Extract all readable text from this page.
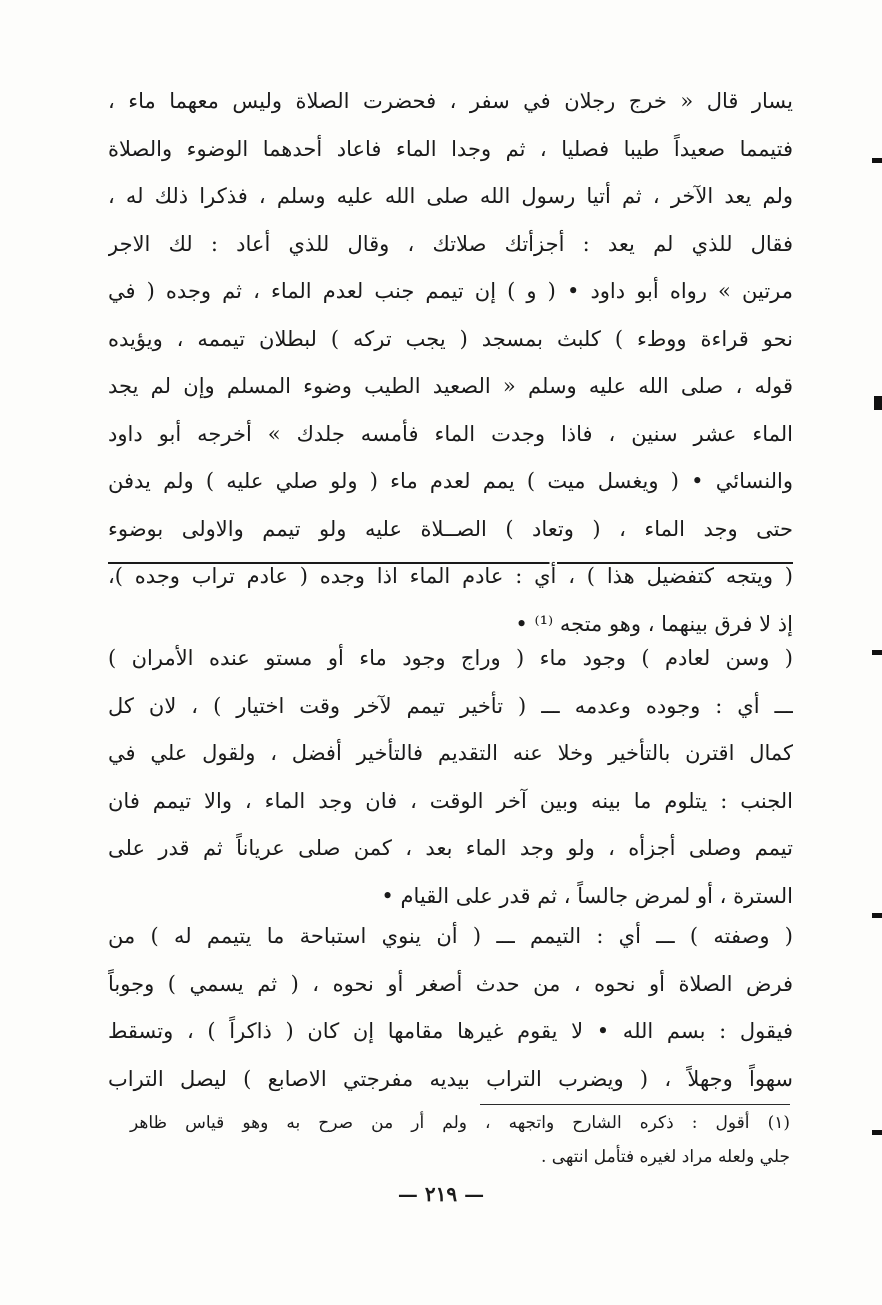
يسار قال « خرج رجلان في سفر ، فحضرت الصلاة وليس معهما ماء ،
فتيمما صعيداً طيبا فصليا ، ثم وجدا الماء فاعاد أحدهما الوضوء والصلاة
ولم يعد الآخر ، ثم أتيا رسول الله صلى الله عليه وسلم ، فذكرا ذلك له ،
فقال للذي لم يعد : أجزأتك صلاتك ، وقال للذي أعاد : لك الاجر
مرتين » رواه أبو داود • ( و ) إن تيمم جنب لعدم الماء ، ثم وجده ( في
نحو قراءة ووطء ) كلبث بمسجد ( يجب تركه ) لبطلان تيممه ، ويؤيده
قوله ، صلى الله عليه وسلم « الصعيد الطيب وضوء المسلم وإن لم يجد
الماء عشر سنين ، فاذا وجدت الماء فأمسه جلدك » أخرجه أبو داود
والنسائي • ( ويغسل ميت ) يمم لعدم ماء ( ولو صلي عليه ) ولم يدفن
حتى وجد الماء ، ( وتعاد ) الصــلاة عليه ولو تيمم والاولى بوضوء
( ويتجه كتفضيل هذا ) ، أي : عادم الماء اذا وجده ( عادم تراب وجده )،
إذ لا فرق بينهما ، وهو متجه ⁽¹⁾ •
( وسن لعادم ) وجود ماء ( وراج وجود ماء أو مستو عنده الأمران )
ـــ أي : وجوده وعدمه ـــ ( تأخير تيمم لآخر وقت اختيار ) ، لان كل
كمال اقترن بالتأخير وخلا عنه التقديم فالتأخير أفضل ، ولقول علي في
الجنب : يتلوم ما بينه وبين آخر الوقت ، فان وجد الماء ، والا تيمم فان
تيمم وصلى أجزأه ، ولو وجد الماء بعد ، كمن صلى عرياناً ثم قدر على
السترة ، أو لمرض جالساً ، ثم قدر على القيام •
( وصفته ) ـــ أي : التيمم ـــ ( أن ينوي استباحة ما يتيمم له ) من
فرض الصلاة أو نحوه ، من حدث أصغر أو نحوه ، ( ثم يسمي ) وجوباً
فيقول : بسم الله • لا يقوم غيرها مقامها إن كان ( ذاكراً ) ، وتسقط
سهواً وجهلاً ، ( ويضرب التراب بيديه مفرجتي الاصابع ) ليصل التراب
(١) أقول : ذكره الشارح واتجهه ، ولم أر من صرح به وهو قياس ظاهر
جلي ولعله مراد لغيره فتأمل انتهى .
— ٢١٩ —
